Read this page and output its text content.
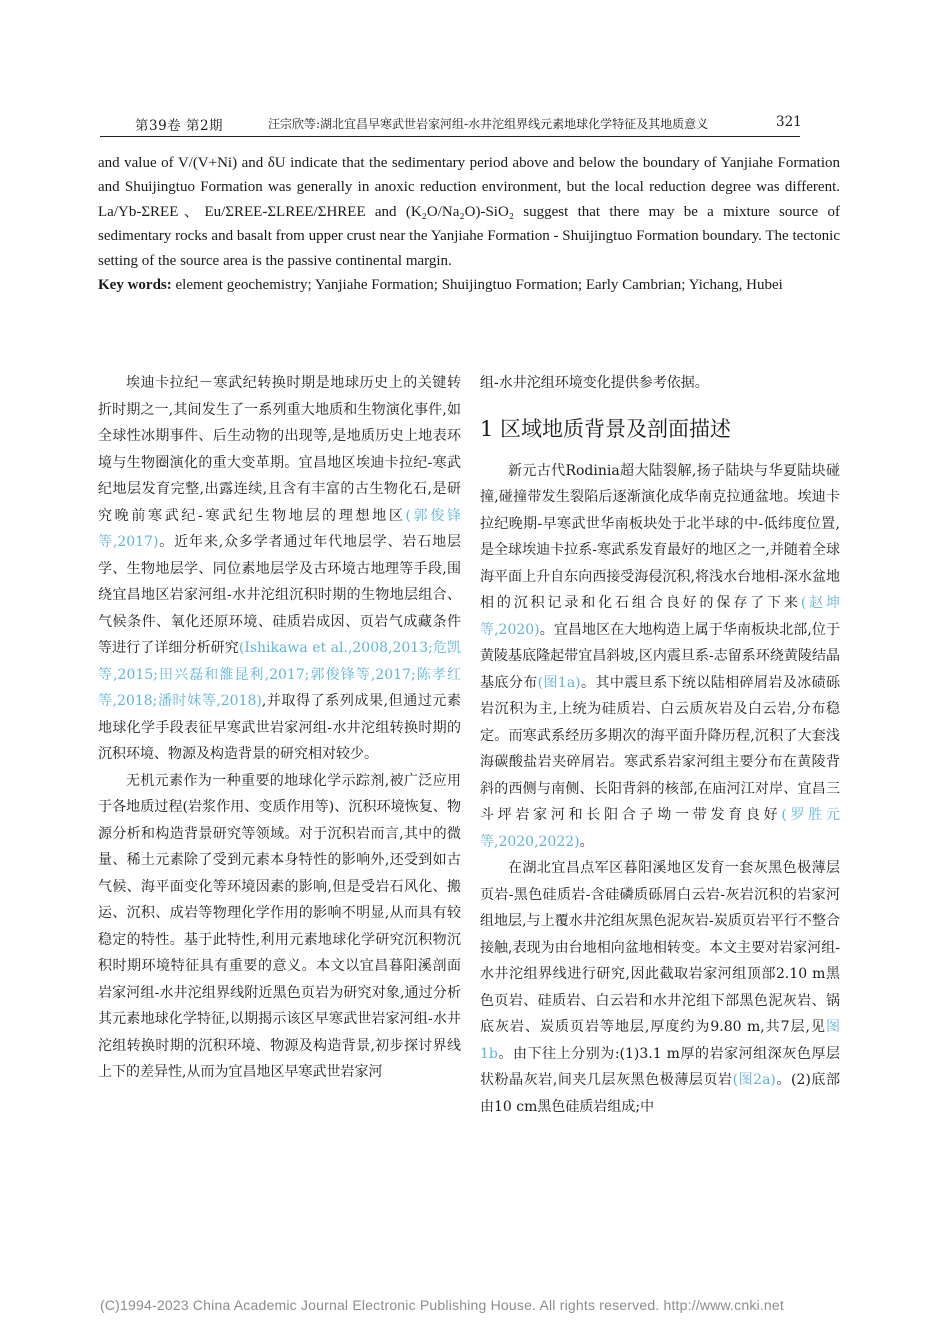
第39卷 第2期	汪宗欣等:湖北宜昌早寒武世岩家河组-水井沱组界线元素地球化学特征及其地质意义	321

and value of V/(V+Ni) and δU indicate that the sedimentary period above and below the boundary of Yanjiahe Formation and Shuijingtuo Formation was generally in anoxic reduction environment, but the local reduction degree was different. La/Yb-ΣREE、Eu/ΣREE-ΣLREE/ΣHREE and (K₂O/Na₂O)-SiO₂ suggest that there may be a mixture source of sedimentary rocks and basalt from upper crust near the Yanjiahe Formation - Shuijingtuo Formation boundary. The tectonic setting of the source area is the passive continental margin.

Key words: element geochemistry; Yanjiahe Formation; Shuijingtuo Formation; Early Cambrian; Yichang, Hubei

埃迪卡拉纪－寒武纪转换时期是地球历史上的关键转折时期之一,其间发生了一系列重大地质和生物演化事件,如全球性冰期事件、后生动物的出现等,是地质历史上地表环境与生物圈演化的重大变革期。宜昌地区埃迪卡拉纪-寒武纪地层发育完整,出露连续,且含有丰富的古生物化石,是研究晚前寒武纪-寒武纪生物地层的理想地区(郭俊锋等,2017)。近年来,众多学者通过年代地层学、岩石地层学、生物地层学、同位素地层学及古环境古地理等手段,围绕宜昌地区岩家河组-水井沱组沉积时期的生物地层组合、气候条件、氧化还原环境、硅质岩成因、页岩气成藏条件等进行了详细分析研究(Ishikawa et al.,2008,2013;危凯等,2015;田兴磊和雒昆利,2017;郭俊锋等,2017;陈孝红等,2018;潘时妹等,2018),并取得了系列成果,但通过元素地球化学手段表征早寒武世岩家河组-水井沱组转换时期的沉积环境、物源及构造背景的研究相对较少。

无机元素作为一种重要的地球化学示踪剂,被广泛应用于各地质过程(岩浆作用、变质作用等)、沉积环境恢复、物源分析和构造背景研究等领域。对于沉积岩而言,其中的微量、稀土元素除了受到元素本身特性的影响外,还受到如古气候、海平面变化等环境因素的影响,但是受岩石风化、搬运、沉积、成岩等物理化学作用的影响不明显,从而具有较稳定的特性。基于此特性,利用元素地球化学研究沉积物沉积时期环境特征具有重要的意义。本文以宜昌暮阳溪剖面岩家河组-水井沱组界线附近黑色页岩为研究对象,通过分析其元素地球化学特征,以期揭示该区早寒武世岩家河组-水井沱组转换时期的沉积环境、物源及构造背景,初步探讨界线上下的差异性,从而为宜昌地区早寒武世岩家河

组-水井沱组环境变化提供参考依据。

1 区域地质背景及剖面描述

新元古代Rodinia超大陆裂解,扬子陆块与华夏陆块碰撞,碰撞带发生裂陷后逐渐演化成华南克拉通盆地。埃迪卡拉纪晚期-早寒武世华南板块处于北半球的中-低纬度位置,是全球埃迪卡拉系-寒武系发育最好的地区之一,并随着全球海平面上升自东向西接受海侵沉积,将浅水台地相-深水盆地相的沉积记录和化石组合良好的保存了下来(赵坤等,2020)。宜昌地区在大地构造上属于华南板块北部,位于黄陵基底隆起带宜昌斜坡,区内震旦系-志留系环绕黄陵结晶基底分布(图1a)。其中震旦系下统以陆相碎屑岩及冰碛砾岩沉积为主,上统为硅质岩、白云质灰岩及白云岩,分布稳定。而寒武系经历多期次的海平面升降历程,沉积了大套浅海碳酸盐岩夹碎屑岩。寒武系岩家河组主要分布在黄陵背斜的西侧与南侧、长阳背斜的核部,在庙河江对岸、宜昌三斗坪岩家河和长阳合子坳一带发育良好(罗胜元等,2020,2022)。

在湖北宜昌点军区暮阳溪地区发育一套灰黑色极薄层页岩-黑色硅质岩-含硅磷质砾屑白云岩-灰岩沉积的岩家河组地层,与上覆水井沱组灰黑色泥灰岩-炭质页岩平行不整合接触,表现为由台地相向盆地相转变。本文主要对岩家河组-水井沱组界线进行研究,因此截取岩家河组顶部2.10 m黑色页岩、硅质岩、白云岩和水井沱组下部黑色泥灰岩、锅底灰岩、炭质页岩等地层,厚度约为9.80 m,共7层,见图1b。由下往上分别为:(1)3.1 m厚的岩家河组深灰色厚层状粉晶灰岩,间夹几层灰黑色极薄层页岩(图2a)。(2)底部由10 cm黑色硅质岩组成;中

(C)1994-2023 China Academic Journal Electronic Publishing House. All rights reserved. http://www.cnki.net
